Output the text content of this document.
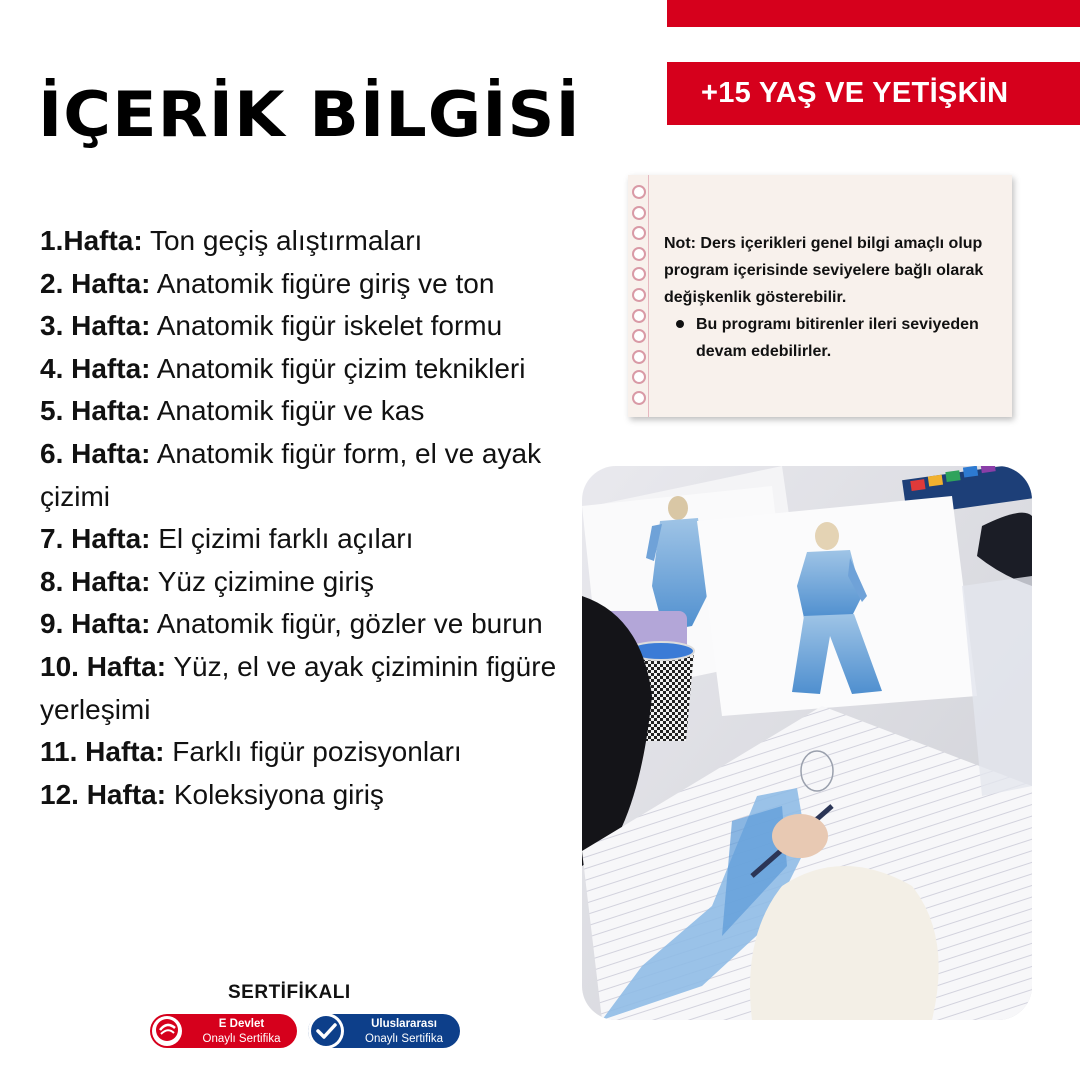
+15 YAŞ VE YETİŞKİN
İÇERİK BİLGİSİ
1.Hafta: Ton geçiş alıştırmaları
2. Hafta: Anatomik figüre giriş ve ton
3. Hafta: Anatomik figür iskelet formu
4. Hafta: Anatomik figür çizim teknikleri
5. Hafta: Anatomik figür ve kas
6. Hafta: Anatomik figür form, el ve ayak çizimi
7. Hafta: El çizimi farklı açıları
8. Hafta: Yüz çizimine giriş
9. Hafta: Anatomik figür, gözler ve burun
10. Hafta: Yüz, el ve ayak çiziminin figüre yerleşimi
11. Hafta: Farklı figür pozisyonları
12. Hafta: Koleksiyona giriş

Not: Ders içerikleri genel bilgi amaçlı olup program içerisinde seviyelere bağlı olarak değişkenlik gösterebilir.

Bu programı bitirenler ileri seviyeden devam edebilirler.
SERTİFİKALI
E Devlet
Onaylı Sertifika
Uluslararası
Onaylı Sertifika
